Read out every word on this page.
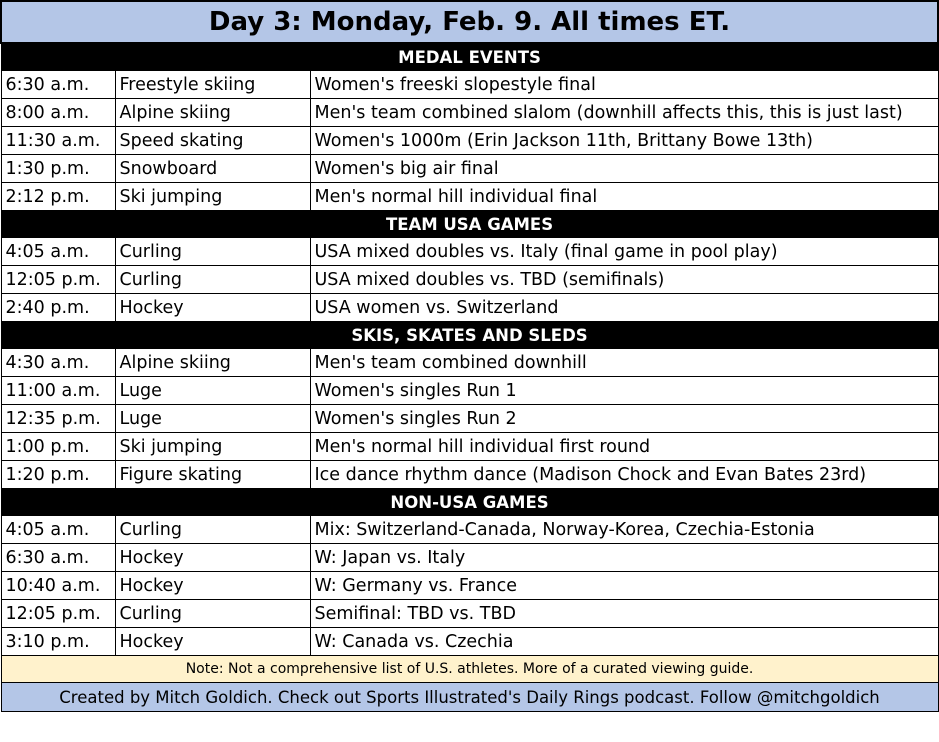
Day 3: Monday, Feb. 9. All times ET.		
MEDAL EVENTS		
6:30 a.m.	Freestyle skiing	Women's freeski slopestyle final
8:00 a.m.	Alpine skiing	Men's team combined slalom (downhill affects this, this is just last)
11:30 a.m.	Speed skating	Women's 1000m (Erin Jackson 11th, Brittany Bowe 13th)
1:30 p.m.	Snowboard	Women's big air final
2:12 p.m.	Ski jumping	Men's normal hill individual final
TEAM USA GAMES		
4:05 a.m.	Curling	USA mixed doubles vs. Italy (final game in pool play)
12:05 p.m.	Curling	USA mixed doubles vs. TBD (semifinals)
2:40 p.m.	Hockey	USA women vs. Switzerland
SKIS, SKATES AND SLEDS		
4:30 a.m.	Alpine skiing	Men's team combined downhill
11:00 a.m.	Luge	Women's singles Run 1
12:35 p.m.	Luge	Women's singles Run 2
1:00 p.m.	Ski jumping	Men's normal hill individual first round
1:20 p.m.	Figure skating	Ice dance rhythm dance (Madison Chock and Evan Bates 23rd)
NON-USA GAMES		
4:05 a.m.	Curling	Mix: Switzerland-Canada, Norway-Korea, Czechia-Estonia
6:30 a.m.	Hockey	W: Japan vs. Italy
10:40 a.m.	Hockey	W: Germany vs. France
12:05 p.m.	Curling	Semifinal: TBD vs. TBD
3:10 p.m.	Hockey	W: Canada vs. Czechia
Note: Not a comprehensive list of U.S. athletes. More of a curated viewing guide.		
Created by Mitch Goldich. Check out Sports Illustrated's Daily Rings podcast. Follow @mitchgoldich		
